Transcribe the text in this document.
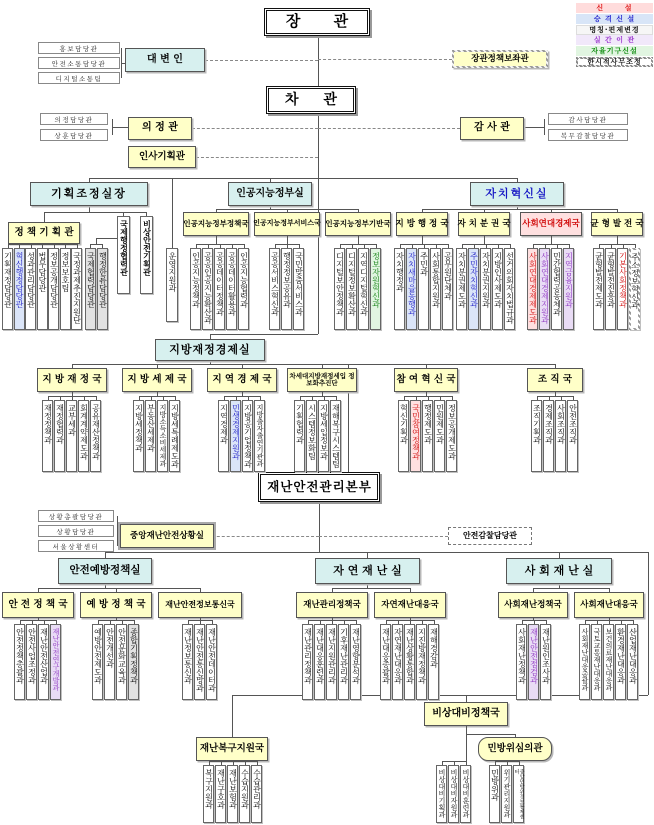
장 관
차 관
재난안전관리본부
신      설
승 격 신 설
명칭·편제변경
실 간 이 관
자율기구신설
한시적사무조정
대 변 인
홍보담당관
안전소통담당관
디지털소통팀
장관정책보좌관
의 정 관
의정담당관
상훈담당관
감 사 관
감사담당관
복무감찰담당관
인사기획관
중앙재난안전상황실
상황총괄담당관
상황담당관
서울상황센터
안전감찰담당관
기획조정실장	인공지능정부실	자치혁신실
지방재정경제실
안전예방정책실	자 연 재 난 실	사 회 재 난 실
정 책 기 획 관
기획재정담당관 혁신행정담당관 성과관리담당관 법무담당관 정보공개담당관 정보보호팀 국정과제추진지원단
국제행정협력관
국제협력담당관 행정한류담당관
비상안전기획관 운영지원과
인공지능정부정책국
인공지능정책과 공공인공지능확산과 공공데이터정책과 공공데이터활용과 인공지능협력과
인공지능정부서비스국
공공서비스혁신과 행정정보공유과 국민맞춤서비스과
인공지능정부기반국
디지털보안정책과 디지털정보확산과 지역디지털혁신과 정보자원혁신과
지 방 행 정 국
자치행정과 자치새마을동행과 주민과 사회통합지원과 공무원단체과
자 치 분 권 국
자치분권제도과 주민자치혁신과 자치분권지원과 지방인사제도과 선거의회자치법규과
사회연대경제국
사회연대경제제도과 사회연대경제지원과 민간협력공동체과 지역금융지원과
균 형 발 전 국
균형발전제도과 균형발전진흥과 기본사회정책과 주소정보혁신과
지 방 재 정 국
재정정책과 재정협력과 교부세과 회계계약제도과 공유재산정책과
지 방 세 제 국
지방세정책과 부동산세제과 지방소득소비세제과 지방세특례제도과
지 역 경 제 국
지역경제과 민생경제지원과 지방공기업정책과 지방출자출연기관과
차세대지방재정세입 정보화추진단
기획협력과 시스템정보화팀 지방세입정보과 재해복구시스템팀
참 여 혁 신 국
혁신기획과 국민참여정책과 행정제도과 민원제도과 정보공개제도과
조 직 국
조직기획과 경제조직과 사회조직과 안전조직과
안 전 정 책 국
안전정책총괄과 안전사업조정과 재난안전산업과 재난안전연구개발과
예 방 정 책 국
예방안전제도과 안전개선과 안전문화교육과 종합기획정책과
재난안전정보통신국
재난정보통신과 재난안전통신망과 재난안전데이터과
재난관리정책국
재난관리정책과 재난대응훈련과 재난지원관리과 기후재난관리과 재난영향분석과
자연재난대응국
재난대응총괄과 자연재난대응과 재난상황통합과 지진방재정책과 재해경감과
사회재난정책국
사회재난정책과 재난안전점검과 재난원인조사과
사회재난대응국
사회재난대응총괄과 국토교통재난대응과 보건의료재난대응과 환경재난대응과 산업재난대응과
재난복구지원국
복구지원과 재난구호과 재난보험과 수습지원과 수습관리과
비상대비정책국
비상대비기획과 비상대비자원과 비상대비훈련과
민방위심의관
민방위과 위기관리지원과	중앙민방위경보통제센터
